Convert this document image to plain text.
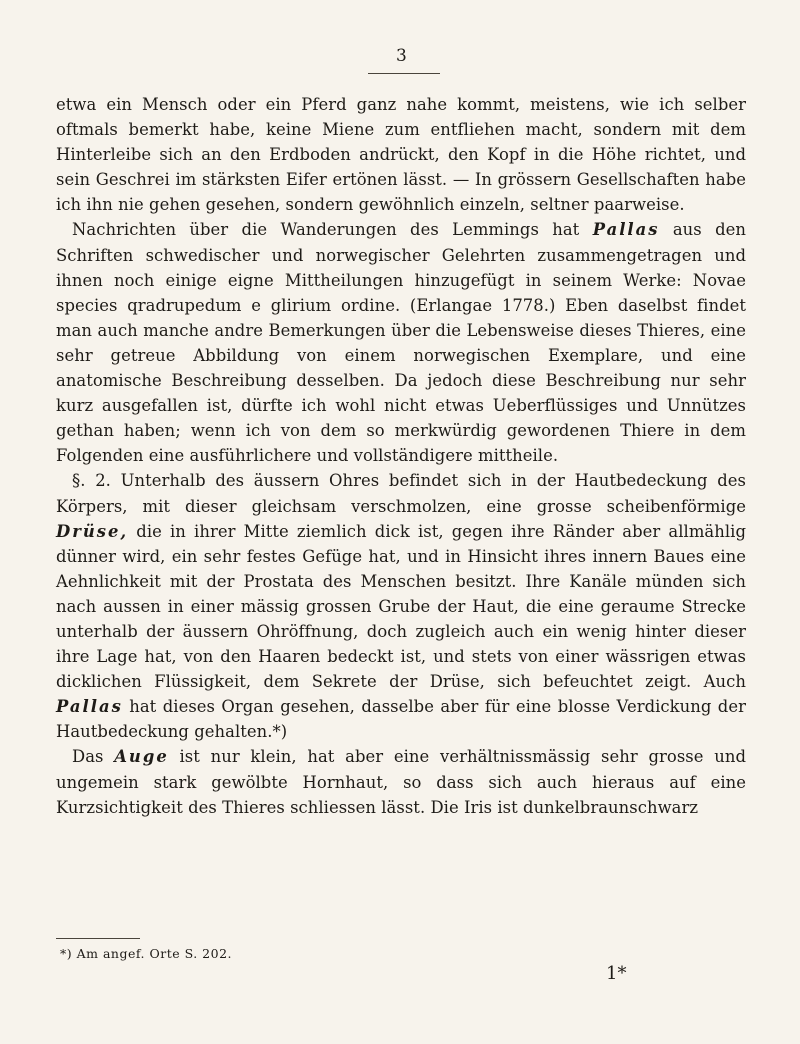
3

etwa ein Mensch oder ein Pferd ganz nahe kommt, meistens, wie ich selber oftmals bemerkt habe, keine Miene zum entfliehen macht, sondern mit dem Hinterleibe sich an den Erdboden andrückt, den Kopf in die Höhe richtet, und sein Geschrei im stärksten Eifer ertönen lässt. — In grössern Gesellschaften habe ich ihn nie gehen gesehen, sondern gewöhnlich einzeln, seltner paarweise.

Nachrichten über die Wanderungen des Lemmings hat Pallas aus den Schriften schwedischer und norwegischer Gelehrten zusammengetragen und ihnen noch einige eigne Mittheilungen hinzugefügt in seinem Werke: Novae species qradrupedum e glirium ordine. (Erlangae 1778.) Eben daselbst findet man auch manche andre Bemerkungen über die Lebensweise dieses Thieres, eine sehr getreue Abbildung von einem norwegischen Exemplare, und eine anatomische Beschreibung desselben. Da jedoch diese Beschreibung nur sehr kurz ausgefallen ist, dürfte ich wohl nicht etwas Ueberflüssiges und Unnützes gethan haben; wenn ich von dem so merkwürdig gewordenen Thiere in dem Folgenden eine ausführlichere und vollständigere mittheile.

§. 2. Unterhalb des äussern Ohres befindet sich in der Hautbedeckung des Körpers, mit dieser gleichsam verschmolzen, eine grosse scheibenförmige Drüse, die in ihrer Mitte ziemlich dick ist, gegen ihre Ränder aber allmählig dünner wird, ein sehr festes Gefüge hat, und in Hinsicht ihres innern Baues eine Aehnlichkeit mit der Prostata des Menschen besitzt. Ihre Kanäle münden sich nach aussen in einer mässig grossen Grube der Haut, die eine geraume Strecke unterhalb der äussern Ohröffnung, doch zugleich auch ein wenig hinter dieser ihre Lage hat, von den Haaren bedeckt ist, und stets von einer wässrigen etwas dicklichen Flüssigkeit, dem Sekrete der Drüse, sich befeuchtet zeigt. Auch Pallas hat dieses Organ gesehen, dasselbe aber für eine blosse Verdickung der Hautbedeckung gehalten.*)

Das Auge ist nur klein, hat aber eine verhältnissmässig sehr grosse und ungemein stark gewölbte Hornhaut, so dass sich auch hieraus auf eine Kurzsichtigkeit des Thieres schliessen lässt. Die Iris ist dunkelbraunschwarz

*) Am angef. Orte S. 202.
1*
